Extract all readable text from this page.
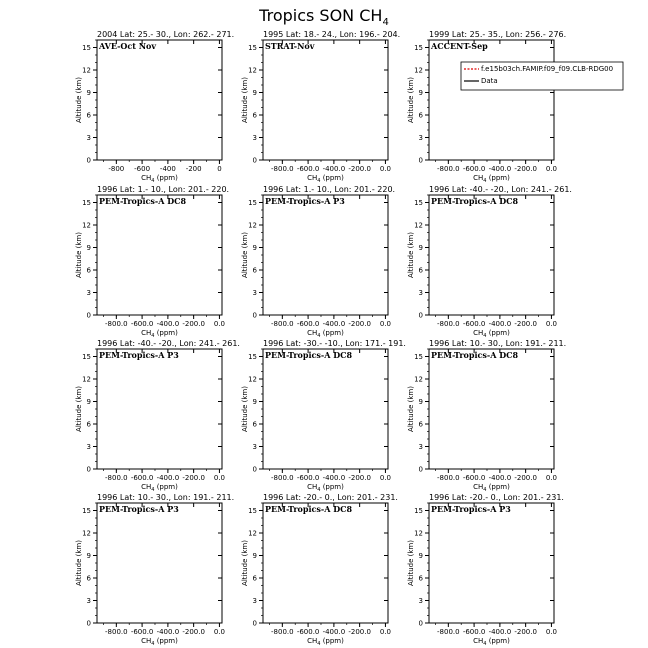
Tropics SON $CH_4$
2004 Lat: 25.- 30., Lon: 262.- 271.
AVE-Oct Nov
-800 -600 -400 -200 0
0
3
6
9
12
15
$CH_4$ (ppm)
Altitude (km)
1995 Lat: 18.- 24., Lon: 196.- 204.
STRAT-Nov
-800.0 -600.0 -400.0 -200.0 0.0
0
3
6
9
12
15
$CH_4$ (ppm)
Altitude (km)
1999 Lat: 25.- 35., Lon: 256.- 276.
ACCENT-Sep
-800.0 -600.0 -400.0 -200.0 0.0
0
3
6
9
12
15
$CH_4$ (ppm)
Altitude (km)
f.e15b03ch.FAMIP.f09_f09.CLB-RDG00
Data
1996 Lat: 1.- 10., Lon: 201.- 220.
PEM-Tropics-A DC8
-800.0 -600.0 -400.0 -200.0 0.0
0
3
6
9
12
15
$CH_4$ (ppm)
Altitude (km)
1996 Lat: 1.- 10., Lon: 201.- 220.
PEM-Tropics-A P3
-800.0 -600.0 -400.0 -200.0 0.0
0
3
6
9
12
15
$CH_4$ (ppm)
Altitude (km)
1996 Lat: -40.- -20., Lon: 241.- 261.
PEM-Tropics-A DC8
-800.0 -600.0 -400.0 -200.0 0.0
0
3
6
9
12
15
$CH_4$ (ppm)
Altitude (km)
1996 Lat: -40.- -20., Lon: 241.- 261.
PEM-Tropics-A P3
-800.0 -600.0 -400.0 -200.0 0.0
0
3
6
9
12
15
$CH_4$ (ppm)
Altitude (km)
1996 Lat: -30.- -10., Lon: 171.- 191.
PEM-Tropics-A DC8
-800.0 -600.0 -400.0 -200.0 0.0
0
3
6
9
12
15
$CH_4$ (ppm)
Altitude (km)
1996 Lat: 10.- 30., Lon: 191.- 211.
PEM-Tropics-A DC8
-800.0 -600.0 -400.0 -200.0 0.0
0
3
6
9
12
15
$CH_4$ (ppm)
Altitude (km)
1996 Lat: 10.- 30., Lon: 191.- 211.
PEM-Tropics-A P3
-800.0 -600.0 -400.0 -200.0 0.0
0
3
6
9
12
15
$CH_4$ (ppm)
Altitude (km)
1996 Lat: -20.- 0., Lon: 201.- 231.
PEM-Tropics-A DC8
-800.0 -600.0 -400.0 -200.0 0.0
0
3
6
9
12
15
$CH_4$ (ppm)
Altitude (km)
1996 Lat: -20.- 0., Lon: 201.- 231.
PEM-Tropics-A P3
-800.0 -600.0 -400.0 -200.0 0.0
0
3
6
9
12
15
$CH_4$ (ppm)
Altitude (km)
